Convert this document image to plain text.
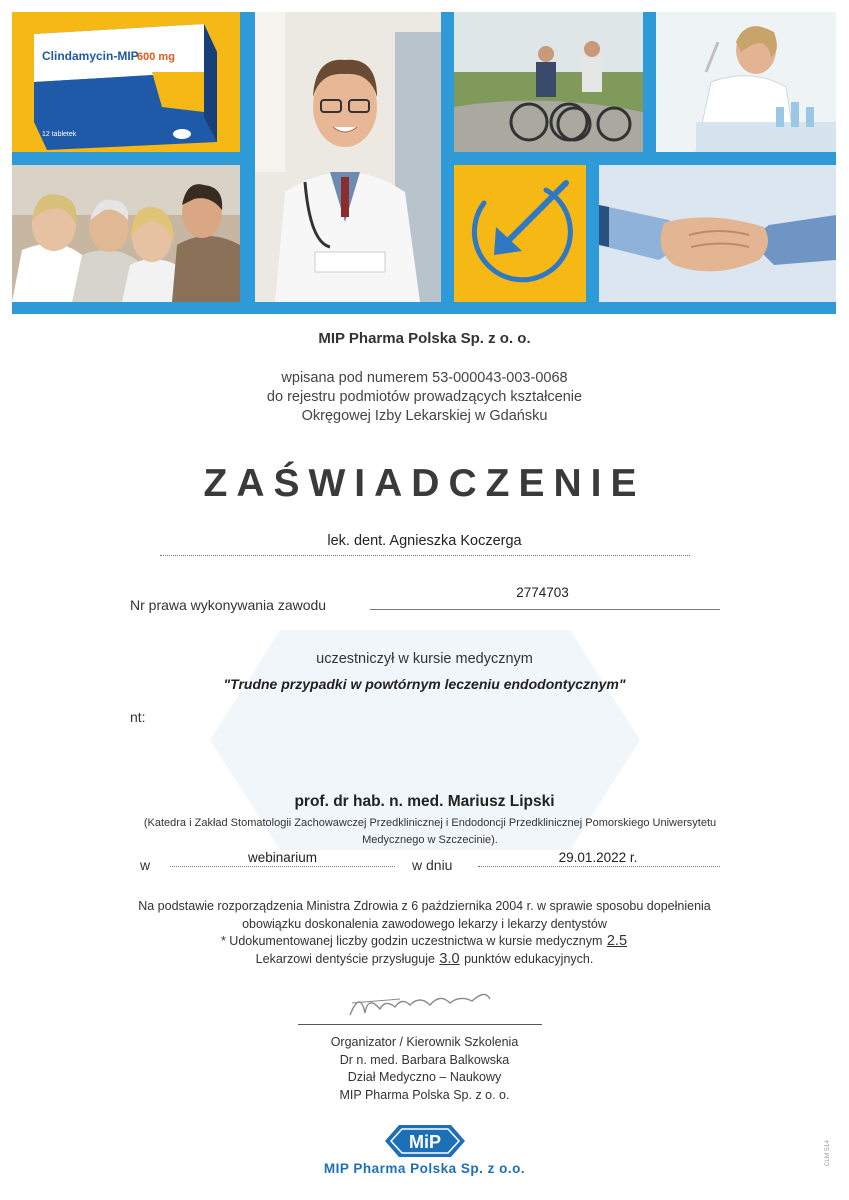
Clindamycin-MIP
600 mg
12 tabletek
MIP Pharma Polska Sp. z o. o.
wpisana pod numerem 53-000043-003-0068
do rejestru podmiotów prowadzących kształcenie
Okręgowej Izby Lekarskiej w Gdańsku
ZAŚWIADCZENIE
lek. dent. Agnieszka Koczerga
Nr prawa wykonywania zawodu
2774703
uczestniczył w kursie medycznym
"Trudne przypadki w powtórnym leczeniu endodontycznym"
nt:
prof. dr hab. n. med. Mariusz Lipski
(Katedra i Zakład Stomatologii Zachowawczej Przedklinicznej i Endodoncji Przedklinicznej Pomorskiego Uniwersytetu
Medycznego w Szczecinie).
w	webinarium	w dniu	29.01.2022 r.
Na podstawie rozporządzenia Ministra Zdrowia z 6 października 2004 r. w sprawie sposobu dopełnienia
obowiązku doskonalenia zawodowego lekarzy i lekarzy dentystów
* Udokumentowanej liczby godzin uczestnictwa w kursie medycznym 2.5
Lekarzowi dentyście przysługuje 3.0 punktów edukacyjnych.
Organizator / Kierownik Szkolenia
Dr n. med. Barbara Balkowska
Dział Medyczno – Naukowy
MIP Pharma Polska Sp. z o. o.
MiP
MIP Pharma Polska Sp. z o.o.
CLM 514
